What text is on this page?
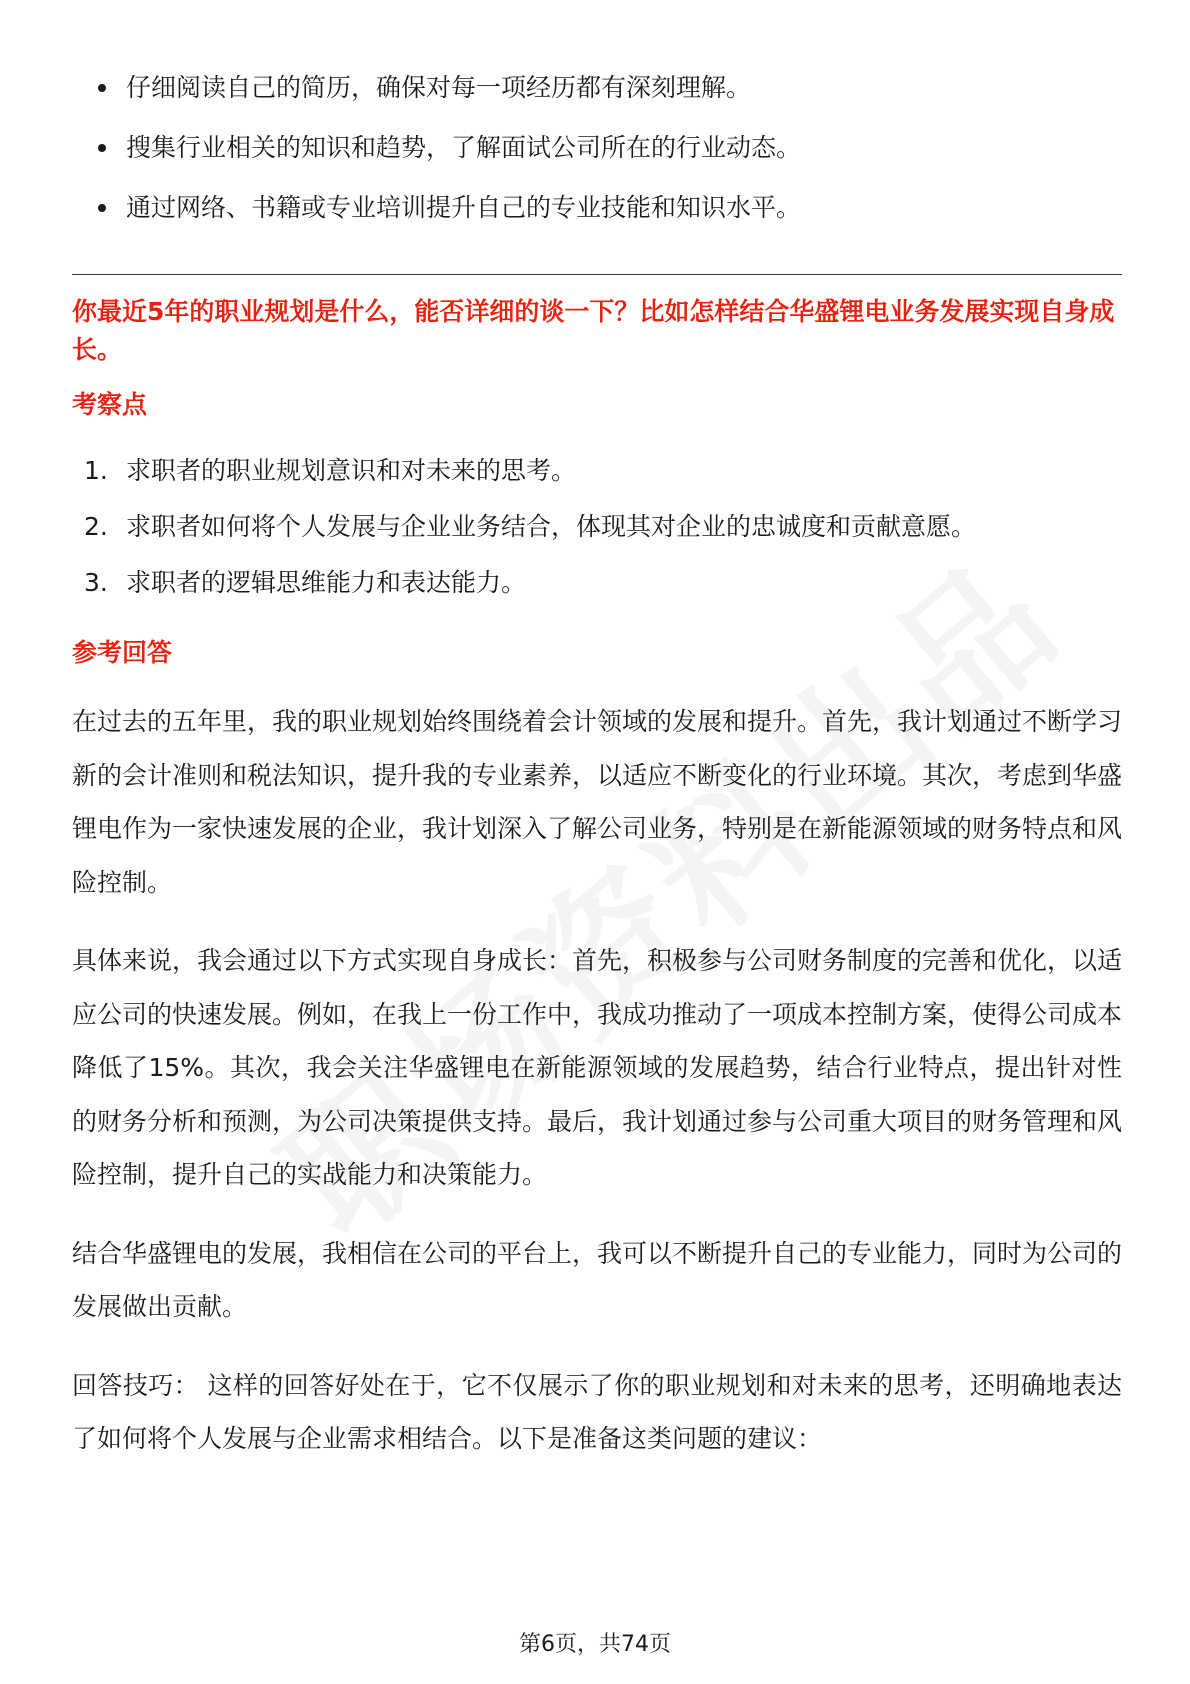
仔细阅读自己的简历，确保对每一项经历都有深刻理解。
搜集行业相关的知识和趋势，了解面试公司所在的行业动态。
通过网络、书籍或专业培训提升自己的专业技能和知识水平。
你最近5年的职业规划是什么，能否详细的谈一下？比如怎样结合华盛锂电业务发展实现自身成长。
考察点
1. 求职者的职业规划意识和对未来的思考。
2. 求职者如何将个人发展与企业业务结合，体现其对企业的忠诚度和贡献意愿。
3. 求职者的逻辑思维能力和表达能力。
参考回答

在过去的五年里，我的职业规划始终围绕着会计领域的发展和提升。首先，我计划通过不断学习新的会计准则和税法知识，提升我的专业素养，以适应不断变化的行业环境。其次，考虑到华盛锂电作为一家快速发展的企业，我计划深入了解公司业务，特别是在新能源领域的财务特点和风险控制。

具体来说，我会通过以下方式实现自身成长：首先，积极参与公司财务制度的完善和优化，以适应公司的快速发展。例如，在我上一份工作中，我成功推动了一项成本控制方案，使得公司成本降低了15%。其次，我会关注华盛锂电在新能源领域的发展趋势，结合行业特点，提出针对性的财务分析和预测，为公司决策提供支持。最后，我计划通过参与公司重大项目的财务管理和风险控制，提升自己的实战能力和决策能力。

结合华盛锂电的发展，我相信在公司的平台上，我可以不断提升自己的专业能力，同时为公司的发展做出贡献。

回答技巧： 这样的回答好处在于，它不仅展示了你的职业规划和对未来的思考，还明确地表达了如何将个人发展与企业需求相结合。以下是准备这类问题的建议：

第6页，共74页
